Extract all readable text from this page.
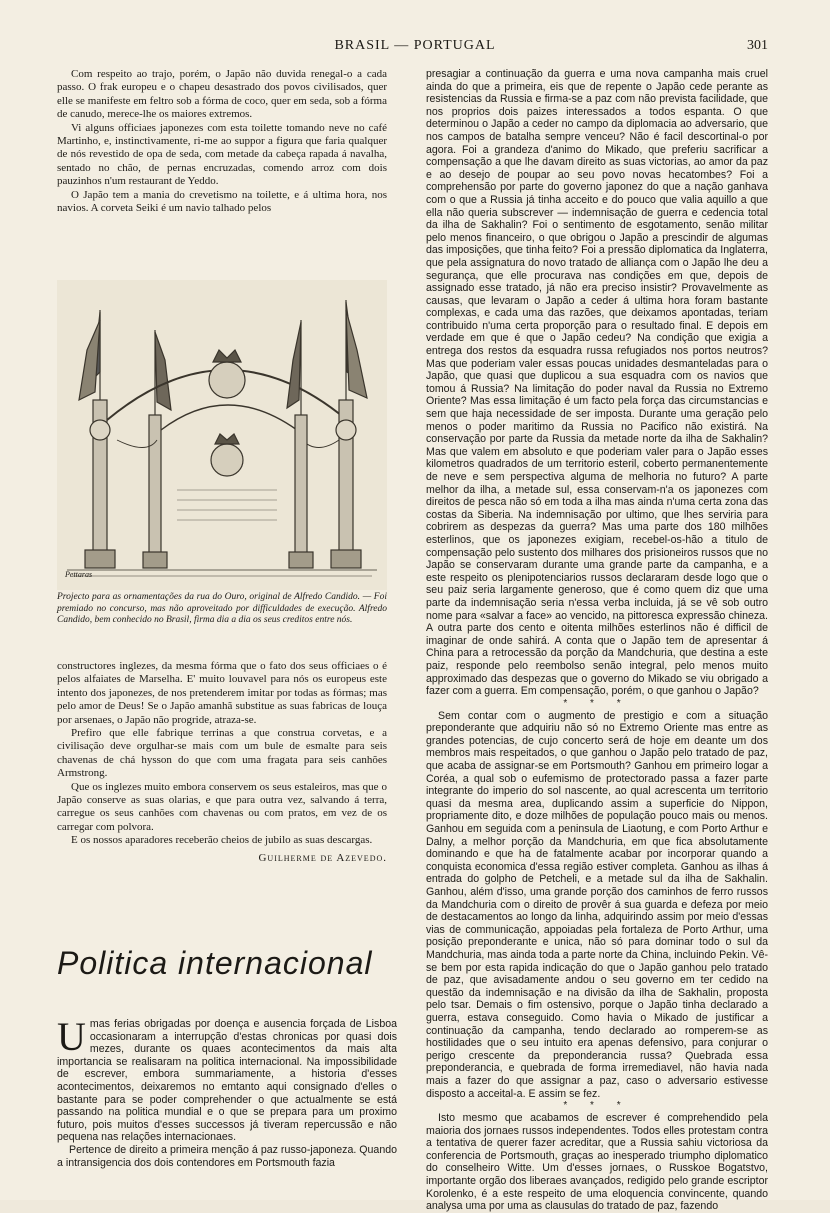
BRASIL — PORTUGAL	301

Com respeito ao trajo, porém, o Japão não duvida renegal-o a cada passo. O frak europeu e o chapeu desastrado dos povos civilisados, quer elle se manifeste em feltro sob a fórma de coco, quer em seda, sob a fórma de canudo, merece-lhe os maiores extremos.

Vi alguns officiaes japonezes com esta toilette tomando neve no café Martinho, e, instinctivamente, ri-me ao suppor a figura que faria qualquer de nós revestido de opa de seda, com metade da cabeça rapada á navalha, sentado no chão, de pernas encruzadas, comendo arroz com dois pauzinhos n'um restaurant de Yeddo.

O Japão tem a mania do crevetismo na toilette, e á ultima hora, nos navios. A corveta Seiki é um navio talhado pelos

Pettaras

Projecto para as ornamentações da rua do Ouro, original de Alfredo Candido. — Foi premiado no concurso, mas não aproveitado por difficuldades de execução. Alfredo Candido, bem conhecido no Brasil, firma dia a dia os seus creditos entre nós.

constructores inglezes, da mesma fórma que o fato dos seus officiaes o é pelos alfaiates de Marselha. E' muito louvavel para nós os europeus este intento dos japonezes, de nos pretenderem imitar por todas as fórmas; mas pelo amor de Deus! Se o Japão amanhã substitue as suas fabricas de louça por arsenaes, o Japão não progride, atraza-se.

Prefiro que elle fabrique terrinas a que construa corvetas, e a civilisação deve orgulhar-se mais com um bule de esmalte para seis chavenas de chá hysson do que com uma fragata para seis canhões Armstrong.

Que os inglezes muito embora conservem os seus estaleiros, mas que o Japão conserve as suas olarias, e que para outra vez, salvando á terra, carregue os seus canhões com chavenas ou com pratos, em vez de os carregar com polvora.

E os nossos aparadores receberão cheios de jubilo as suas descargas.

Guilherme de Azevedo.
Politica internacional

Umas ferias obrigadas por doença e ausencia forçada de Lisboa occasionaram a interrupção d'estas chronicas por quasi dois mezes, durante os quaes acontecimentos da mais alta importancia se realisaram na politica internacional. Na impossibilidade de escrever, embora summariamente, a historia d'esses acontecimentos, deixaremos no emtanto aqui consignado d'elles o bastante para se poder comprehender o que actualmente se está passando na politica mundial e o que se prepara para um proximo futuro, pois muitos d'esses successos já tiveram repercussão e não pequena nas relações internacionaes.

Pertence de direito a primeira menção á paz russo-japoneza. Quando a intransigencia dos dois contendores em Portsmouth fazia

presagiar a continuação da guerra e uma nova campanha mais cruel ainda do que a primeira, eis que de repente o Japão cede perante as resistencias da Russia e firma-se a paz com não prevista facilidade, que nos proprios dois paizes interessados a todos espanta. O que determinou o Japão a ceder no campo da diplomacia ao adversario, que nos campos de batalha sempre venceu? Não é facil descortinal-o por agora. Foi a grandeza d'animo do Mikado, que preferiu sacrificar a compensação a que lhe davam direito as suas victorias, ao amor da paz e ao desejo de poupar ao seu povo novas hecatombes? Foi a comprehensão por parte do governo japonez do que a nação ganhava com o que a Russia já tinha acceito e do pouco que valia aquillo a que ella não queria subscrever — indemnisação de guerra e cedencia total da ilha de Sakhalin? Foi o sentimento de esgotamento, senão militar pelo menos financeiro, o que obrigou o Japão a prescindir de algumas das imposições, que tinha feito? Foi a pressão diplomatica da Inglaterra, que pela assignatura do novo tratado de alliança com o Japão lhe deu a segurança, que elle procurava nas condições em que, depois de assignado esse tratado, já não era preciso insistir? Provavelmente as causas, que levaram o Japão a ceder á ultima hora foram bastante complexas, e cada uma das razões, que deixamos apontadas, teriam contribuido n'uma certa proporção para o resultado final. E depois em verdade em que é que o Japão cedeu? Na condição que exigia a entrega dos restos da esquadra russa refugiados nos portos neutros? Mas que poderiam valer essas poucas unidades desmanteladas para o Japão, que quasi que duplicou a sua esquadra com os navios que tomou á Russia? Na limitação do poder naval da Russia no Extremo Oriente? Mas essa limitação é um facto pela força das circumstancias e sem que haja necessidade de ser imposta. Durante uma geração pelo menos o poder maritimo da Russia no Pacifico não existirá. Na conservação por parte da Russia da metade norte da ilha de Sakhalin? Mas que valem em absoluto e que poderiam valer para o Japão esses kilometros quadrados de um territorio esteril, coberto permanentemente de neve e sem perspectiva alguma de melhoria no futuro? A parte melhor da ilha, a metade sul, essa conservam-n'a os japonezes com direitos de pesca não só em toda a ilha mas ainda n'uma certa zona das costas da Siberia. Na indemnisação por ultimo, que lhes serviria para cobrirem as despezas da guerra? Mas uma parte dos 180 milhões esterlinos, que os japonezes exigiam, recebel-os-hão a titulo de compensação pelo sustento dos milhares dos prisioneiros russos que no Japão se conservaram durante uma grande parte da campanha, e a este respeito os plenipotenciarios russos declararam desde logo que o seu paiz seria largamente generoso, que é como quem diz que uma parte da indemnisação seria n'essa verba incluida, já se vê sob outro nome para «salvar a face» ao vencido, na pittoresca expressão chineza. A outra parte dos cento e oitenta milhões esterlinos não é difficil de imaginar de onde sahirá. A conta que o Japão tem de apresentar á China para a retrocessão da porção da Mandchuria, que destina a este paiz, responde pelo reembolso senão integral, pelo menos muito approximado das despezas que o governo do Mikado se viu obrigado a fazer com a guerra. Em compensação, porém, o que ganhou o Japão?

* * *

Sem contar com o augmento de prestigio e com a situação preponderante que adquiriu não só no Extremo Oriente mas entre as grandes potencias, de cujo concerto será de hoje em deante um dos membros mais respeitados, o que ganhou o Japão pelo tratado de paz, que acaba de assignar-se em Portsmouth? Ganhou em primeiro logar a Coréa, a qual sob o eufemismo de protectorado passa a fazer parte integrante do imperio do sol nascente, ao qual acrescenta um territorio quasi da mesma area, duplicando assim a superficie do Nippon, propriamente dito, e doze milhões de população pouco mais ou menos. Ganhou em seguida com a peninsula de Liaotung, e com Porto Arthur e Dalny, a melhor porção da Mandchuria, em que fica absolutamente dominando e que ha de fatalmente acabar por incorporar quando a conquista economica d'essa região estiver completa. Ganhou as ilhas á entrada do golpho de Petcheli, e a metade sul da ilha de Sakhalin. Ganhou, além d'isso, uma grande porção dos caminhos de ferro russos da Mandchuria com o direito de provêr á sua guarda e defeza por meio de destacamentos ao longo da linha, adquirindo assim por meio d'essas vias de communicação, appoiadas pela fortaleza de Porto Arthur, uma posição preponderante e unica, não só para dominar todo o sul da Mandchuria, mas ainda toda a parte norte da China, incluindo Pekin. Vê-se bem por esta rapida indicação do que o Japão ganhou pelo tratado de paz, que avisadamente andou o seu governo em ter cedido na questão da indemnisação e na divisão da ilha de Sakhalin, proposta pelo tsar. Demais o fim ostensivo, porque o Japão tinha declarado a guerra, estava conseguido. Como havia o Mikado de justificar a continuação da campanha, tendo declarado ao romperem-se as hostilidades que o seu intuito era apenas defensivo, para conjurar o perigo crescente da preponderancia russa? Quebrada essa preponderancia, e quebrada de forma irremediavel, não havia nada mais a fazer do que assignar a paz, caso o adversario estivesse disposto a acceital-a. E assim se fez.

* * *

Isto mesmo que acabamos de escrever é comprehendido pela maioria dos jornaes russos independentes. Todos elles protestam contra a tentativa de querer fazer acreditar, que a Russia sahiu victoriosa da conferencia de Portsmouth, graças ao inesperado triumpho diplomatico do conselheiro Witte. Um d'esses jornaes, o Russkoe Bogatstvo, importante orgão dos liberaes avançados, redigido pelo grande escriptor Korolenko, é a este respeito de uma eloquencia convincente, quando analysa uma por uma as clausulas do tratado de paz, fazendo
